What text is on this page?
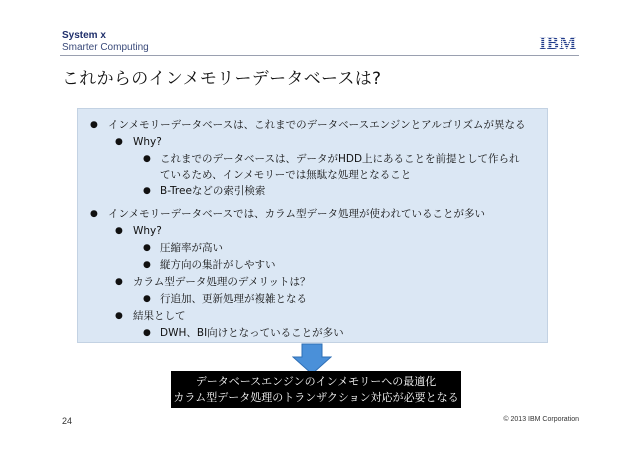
System x
Smarter Computing
これからのインメモリーデータベースは?
● インメモリーデータベースは、これまでのデータベースエンジンとアルゴリズムが異なる
● Why?
● これまでのデータベースは、データがHDD上にあることを前提として作られ
ているため、インメモリーでは無駄な処理となること
● B-Treeなどの索引検索
● インメモリーデータベースでは、カラム型データ処理が使われていることが多い
● Why?
● 圧縮率が高い
● 縦方向の集計がしやすい
● カラム型データ処理のデメリットは？
● 行追加、更新処理が複雑となる
● 結果として
● DWH、BI向けとなっていることが多い
データベースエンジンのインメモリーへの最適化
カラム型データ処理のトランザクション対応が必要となる
24	© 2013 IBM Corporation
